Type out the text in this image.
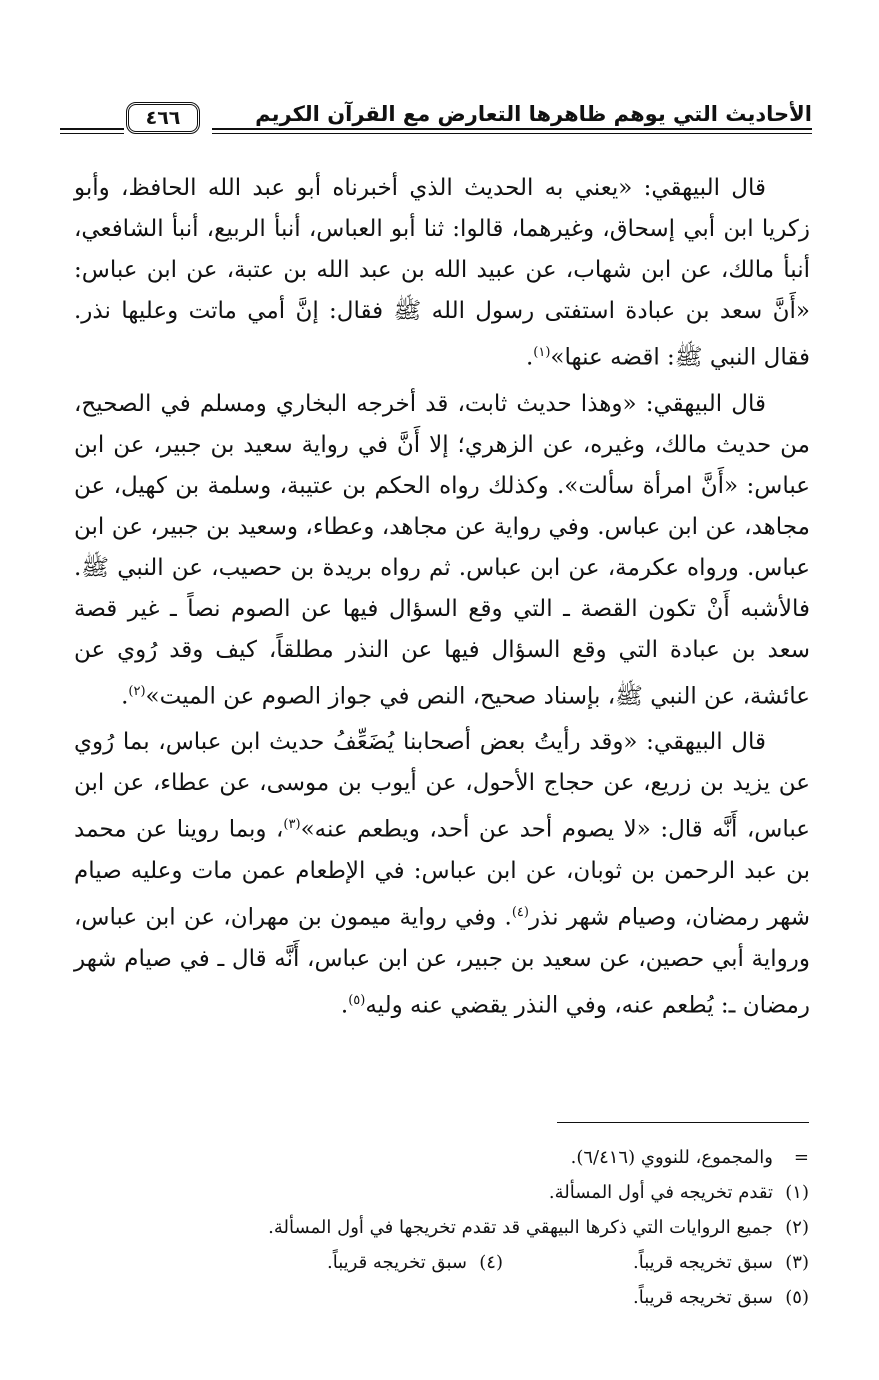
الأحاديث التي يوهم ظاهرها التعارض مع القرآن الكريم
٤٦٦

قال البيهقي: «يعني به الحديث الذي أخبرناه أبو عبد الله الحافظ، وأبو زكريا ابن أبي إسحاق، وغيرهما، قالوا: ثنا أبو العباس، أنبأ الربيع، أنبأ الشافعي، أنبأ مالك، عن ابن شهاب، عن عبيد الله بن عبد الله بن عتبة، عن ابن عباس: «أَنَّ سعد بن عبادة استفتى رسول الله ﷺ فقال: إنَّ أمي ماتت وعليها نذر. فقال النبي ﷺ: اقضه عنها»$^{(١)}$.

قال البيهقي: «وهذا حديث ثابت، قد أخرجه البخاري ومسلم في الصحيح، من حديث مالك، وغيره، عن الزهري؛ إلا أَنَّ في رواية سعيد بن جبير، عن ابن عباس: «أَنَّ امرأة سألت». وكذلك رواه الحكم بن عتيبة، وسلمة بن كهيل، عن مجاهد، عن ابن عباس. وفي رواية عن مجاهد، وعطاء، وسعيد بن جبير، عن ابن عباس. ورواه عكرمة، عن ابن عباس. ثم رواه بريدة بن حصيب، عن النبي ﷺ. فالأشبه أَنْ تكون القصة ـ التي وقع السؤال فيها عن الصوم نصاً ـ غير قصة سعد بن عبادة التي وقع السؤال فيها عن النذر مطلقاً، كيف وقد رُوي عن عائشة، عن النبي ﷺ، بإسناد صحيح، النص في جواز الصوم عن الميت»$^{(٢)}$.

قال البيهقي: «وقد رأيتُ بعض أصحابنا يُضَعِّفُ حديث ابن عباس، بما رُوي عن يزيد بن زريع، عن حجاج الأحول، عن أيوب بن موسى، عن عطاء، عن ابن عباس، أَنَّه قال: «لا يصوم أحد عن أحد، ويطعم عنه»$^{(٣)}$، وبما روينا عن محمد بن عبد الرحمن بن ثوبان، عن ابن عباس: في الإطعام عمن مات وعليه صيام شهر رمضان، وصيام شهر نذر$^{(٤)}$. وفي رواية ميمون بن مهران، عن ابن عباس، ورواية أبي حصين، عن سعيد بن جبير، عن ابن عباس، أَنَّه قال ـ في صيام شهر رمضان ـ: يُطعم عنه، وفي النذر يقضي عنه وليه$^{(٥)}$.

=والمجموع، للنووي (٦/٤١٦).
(١)تقدم تخريجه في أول المسألة.
(٢)جميع الروايات التي ذكرها البيهقي قد تقدم تخريجها في أول المسألة.
(٣)سبق تخريجه قريباً.(٤)سبق تخريجه قريباً.
(٥)سبق تخريجه قريباً.
